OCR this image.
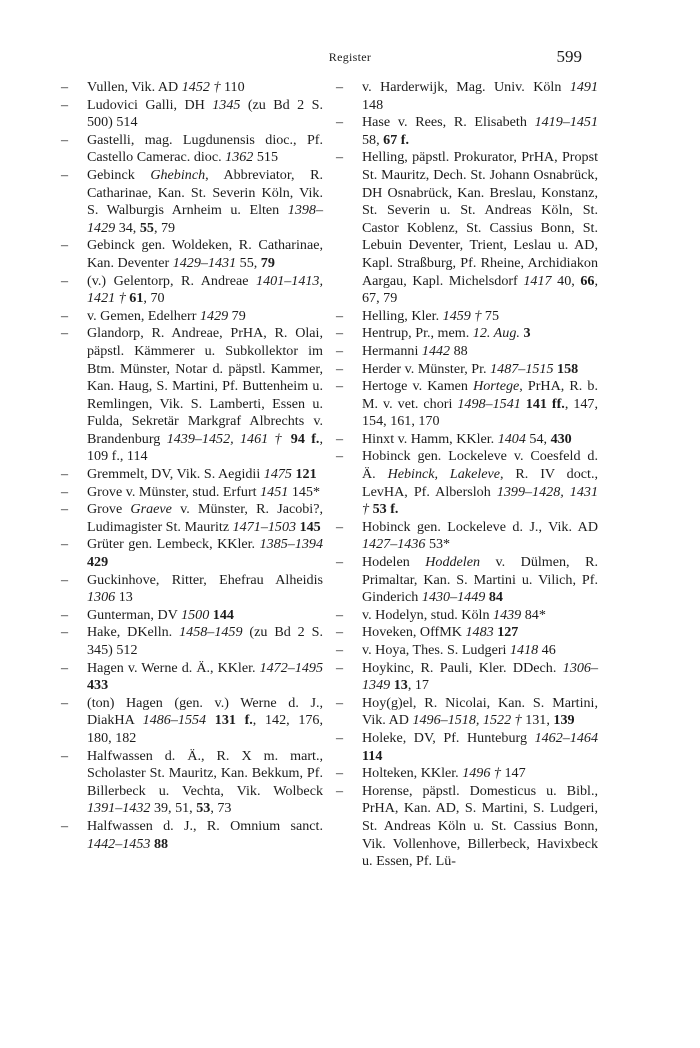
Register	599

– Vullen, Vik. AD 1452 † 110

– Ludovici Galli, DH 1345 (zu Bd 2 S. 500) 514

– Gastelli, mag. Lugdunensis dioc., Pf. Castello Camerac. dioc. 1362 515

– Gebinck Ghebinch, Abbreviator, R. Catharinae, Kan. St. Severin Köln, Vik. S. Walburgis Arnheim u. Elten 1398–1429 34, 55, 79

– Gebinck gen. Woldeken, R. Catharinae, Kan. Deventer 1429–1431 55, 79

– (v.) Gelentorp, R. Andreae 1401–1413, 1421 † 61, 70

– v. Gemen, Edelherr 1429 79

– Glandorp, R. Andreae, PrHA, R. Olai, päpstl. Kämmerer u. Subkollektor im Btm. Münster, Notar d. päpstl. Kammer, Kan. Haug, S. Martini, Pf. Buttenheim u. Remlingen, Vik. S. Lamberti, Essen u. Fulda, Sekretär Markgraf Albrechts v. Brandenburg 1439–1452, 1461 † 94 f., 109 f., 114

– Gremmelt, DV, Vik. S. Aegidii 1475 121

– Grove v. Münster, stud. Erfurt 1451 145*

– Grove Graeve v. Münster, R. Jacobi?, Ludimagister St. Mauritz 1471–1503 145

– Grüter gen. Lembeck, KKler. 1385–1394 429

– Guckinhove, Ritter, Ehefrau Alheidis 1306 13

– Gunterman, DV 1500 144

– Hake, DKelln. 1458–1459 (zu Bd 2 S. 345) 512

– Hagen v. Werne d. Ä., KKler. 1472–1495 433

– (ton) Hagen (gen. v.) Werne d. J., DiakHA 1486–1554 131 f., 142, 176, 180, 182

– Halfwassen d. Ä., R. X m. mart., Scholaster St. Mauritz, Kan. Bekkum, Pf. Billerbeck u. Vechta, Vik. Wolbeck 1391–1432 39, 51, 53, 73

– Halfwassen d. J., R. Omnium sanct. 1442–1453 88

– v. Harderwijk, Mag. Univ. Köln 1491 148

– Hase v. Rees, R. Elisabeth 1419–1451 58, 67 f.

– Helling, päpstl. Prokurator, PrHA, Propst St. Mauritz, Dech. St. Johann Osnabrück, DH Osnabrück, Kan. Breslau, Konstanz, St. Severin u. St. Andreas Köln, St. Castor Koblenz, St. Cassius Bonn, St. Lebuin Deventer, Trient, Leslau u. AD, Kapl. Straßburg, Pf. Rheine, Archidiakon Aargau, Kapl. Michelsdorf 1417 40, 66, 67, 79

– Helling, Kler. 1459 † 75

– Hentrup, Pr., mem. 12. Aug. 3

– Hermanni 1442 88

– Herder v. Münster, Pr. 1487–1515 158

– Hertoge v. Kamen Hortege, PrHA, R. b. M. v. vet. chori 1498–1541 141 ff., 147, 154, 161, 170

– Hinxt v. Hamm, KKler. 1404 54, 430

– Hobinck gen. Lockeleve v. Coesfeld d. Ä. Hebinck, Lakeleve, R. IV doct., LevHA, Pf. Albersloh 1399–1428, 1431 † 53 f.

– Hobinck gen. Lockeleve d. J., Vik. AD 1427–1436 53*

– Hodelen Hoddelen v. Dülmen, R. Primaltar, Kan. S. Martini u. Vilich, Pf. Ginderich 1430–1449 84

– v. Hodelyn, stud. Köln 1439 84*

– Hoveken, OffMK 1483 127

– v. Hoya, Thes. S. Ludgeri 1418 46

– Hoykinc, R. Pauli, Kler. DDech. 1306–1349 13, 17

– Hoy(g)el, R. Nicolai, Kan. S. Martini, Vik. AD 1496–1518, 1522 † 131, 139

– Holeke, DV, Pf. Hunteburg 1462–1464 114

– Holteken, KKler. 1496 † 147

– Horense, päpstl. Domesticus u. Bibl., PrHA, Kan. AD, S. Martini, S. Ludgeri, St. Andreas Köln u. St. Cassius Bonn, Vik. Vollenhove, Billerbeck, Havixbeck u. Essen, Pf. Lü-
